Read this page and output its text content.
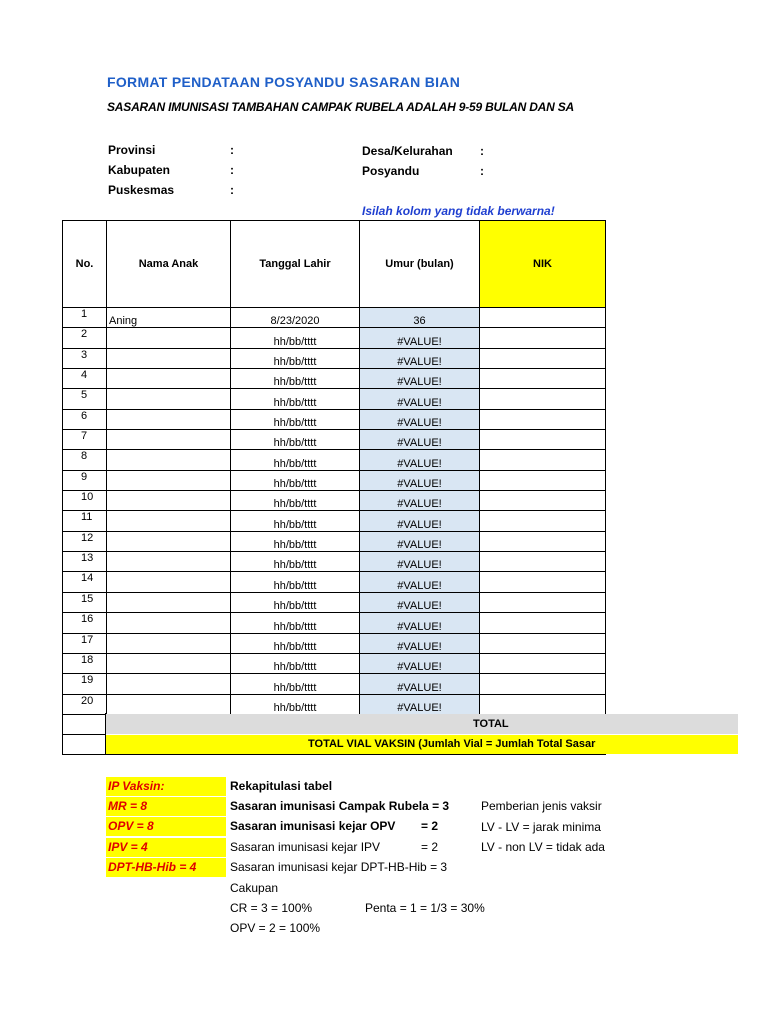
FORMAT PENDATAAN POSYANDU SASARAN BIAN
SASARAN IMUNISASI TAMBAHAN CAMPAK RUBELA ADALAH 9-59 BULAN DAN SA
Provinsi	:
Kabupaten	:
Puskesmas	:
Desa/Kelurahan :
Posyandu	:
Isilah kolom yang tidak berwarna!
No.	Nama Anak	Tanggal Lahir	Umur (bulan)	NIK
1	Aning	8/23/2020	36	
2		hh/bb/tttt	#VALUE!	
3		hh/bb/tttt	#VALUE!	
4		hh/bb/tttt	#VALUE!	
5		hh/bb/tttt	#VALUE!	
6		hh/bb/tttt	#VALUE!	
7		hh/bb/tttt	#VALUE!	
8		hh/bb/tttt	#VALUE!	
9		hh/bb/tttt	#VALUE!	
10		hh/bb/tttt	#VALUE!	
11		hh/bb/tttt	#VALUE!	
12		hh/bb/tttt	#VALUE!	
13		hh/bb/tttt	#VALUE!	
14		hh/bb/tttt	#VALUE!	
15		hh/bb/tttt	#VALUE!	
16		hh/bb/tttt	#VALUE!	
17		hh/bb/tttt	#VALUE!	
18		hh/bb/tttt	#VALUE!	
19		hh/bb/tttt	#VALUE!	
20		hh/bb/tttt	#VALUE!	
TOTAL
TOTAL VIAL VAKSIN (Jumlah Vial = Jumlah Total Sasar
IP Vaksin:
MR = 8
OPV = 8
IPV = 4
DPT-HB-Hib = 4
Rekapitulasi tabel
Sasaran imunisasi Campak Rubela = 3
Sasaran imunisasi kejar OPV = 2
Sasaran imunisasi kejar IPV	= 2
Sasaran imunisasi kejar DPT-HB-Hib = 3
Cakupan
CR = 3 = 100%	Penta = 1 = 1/3 = 30%
OPV = 2 = 100%
Pemberian jenis vaksir
LV - LV = jarak minima
LV - non LV = tidak ada
